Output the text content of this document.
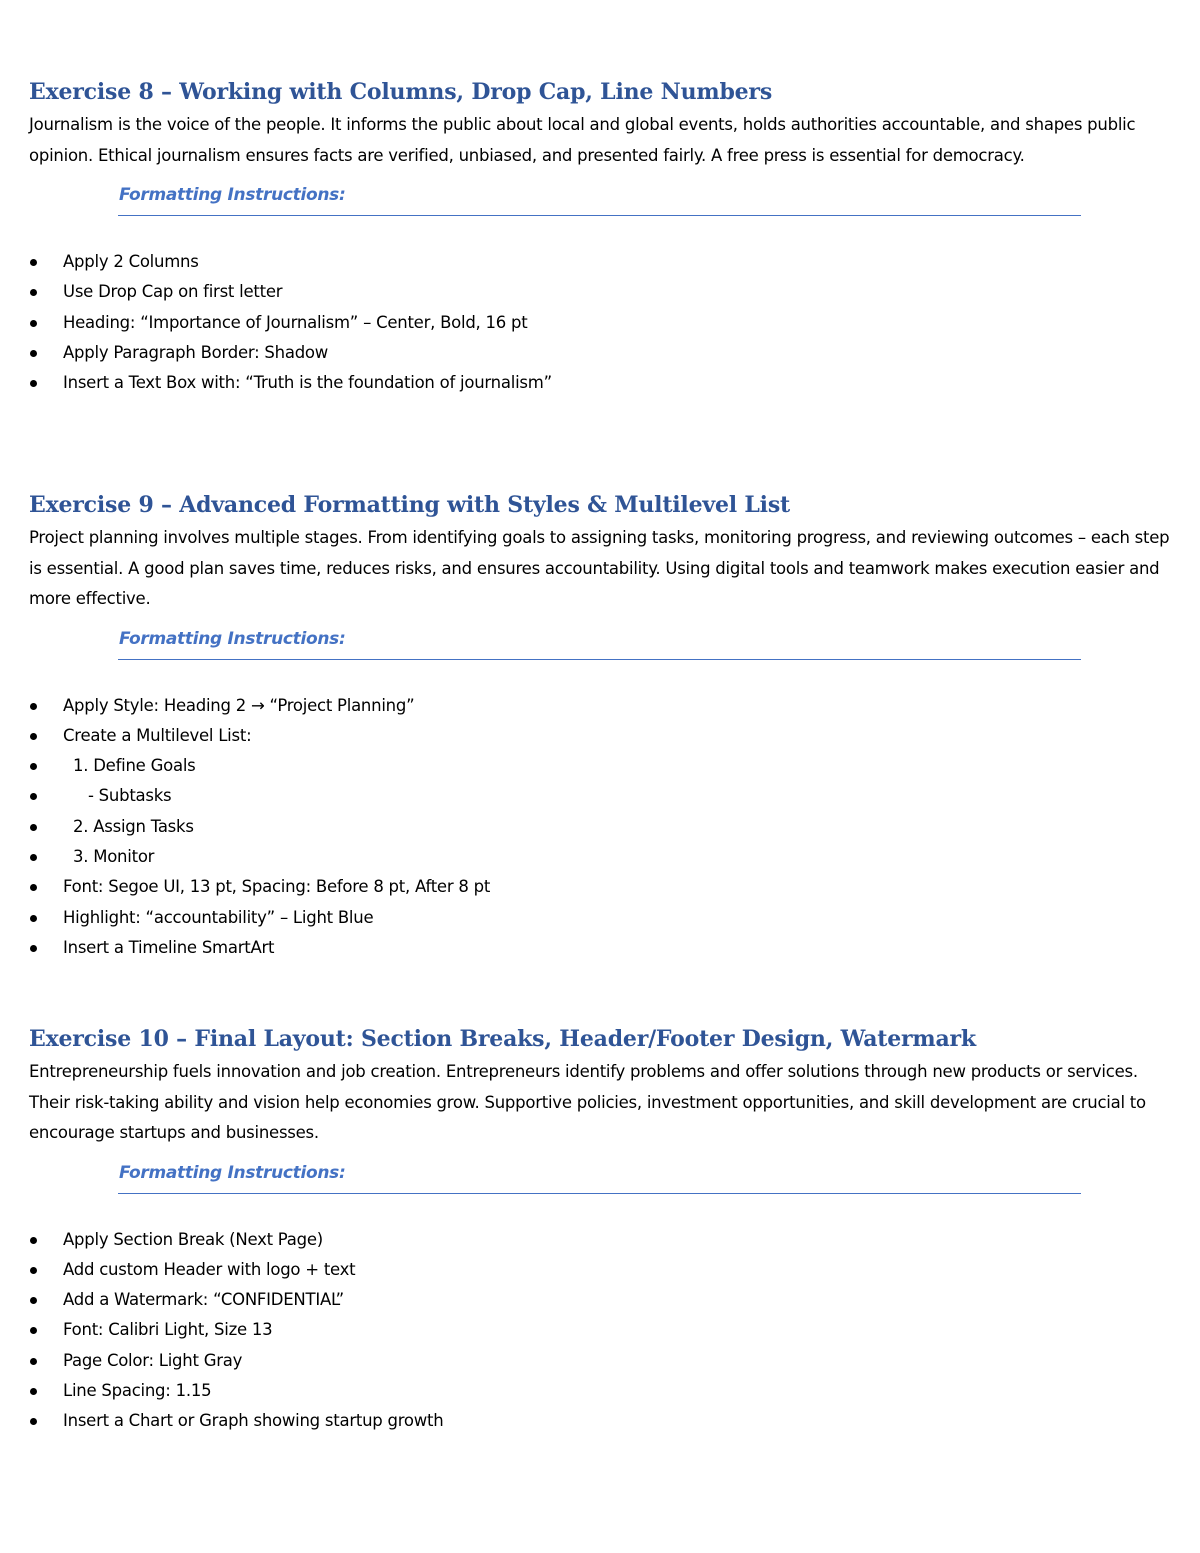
Exercise 8 – Working with Columns, Drop Cap, Line Numbers

Journalism is the voice of the people. It informs the public about local and global events, holds authorities accountable, and shapes public opinion. Ethical journalism ensures facts are verified, unbiased, and presented fairly. A free press is essential for democracy.

Formatting Instructions:
Apply 2 Columns
Use Drop Cap on first letter
Heading: “Importance of Journalism” – Center, Bold, 16 pt
Apply Paragraph Border: Shadow
Insert a Text Box with: “Truth is the foundation of journalism”
Exercise 9 – Advanced Formatting with Styles & Multilevel List

Project planning involves multiple stages. From identifying goals to assigning tasks, monitoring progress, and reviewing outcomes – each step is essential. A good plan saves time, reduces risks, and ensures accountability. Using digital tools and teamwork makes execution easier and more effective.

Formatting Instructions:
Apply Style: Heading 2 → “Project Planning”
Create a Multilevel List:
1. Define Goals
- Subtasks
2. Assign Tasks
3. Monitor
Font: Segoe UI, 13 pt, Spacing: Before 8 pt, After 8 pt
Highlight: “accountability” – Light Blue
Insert a Timeline SmartArt
Exercise 10 – Final Layout: Section Breaks, Header/Footer Design, Watermark

Entrepreneurship fuels innovation and job creation. Entrepreneurs identify problems and offer solutions through new products or services. Their risk-taking ability and vision help economies grow. Supportive policies, investment opportunities, and skill development are crucial to encourage startups and businesses.

Formatting Instructions:
Apply Section Break (Next Page)
Add custom Header with logo + text
Add a Watermark: “CONFIDENTIAL”
Font: Calibri Light, Size 13
Page Color: Light Gray
Line Spacing: 1.15
Insert a Chart or Graph showing startup growth
